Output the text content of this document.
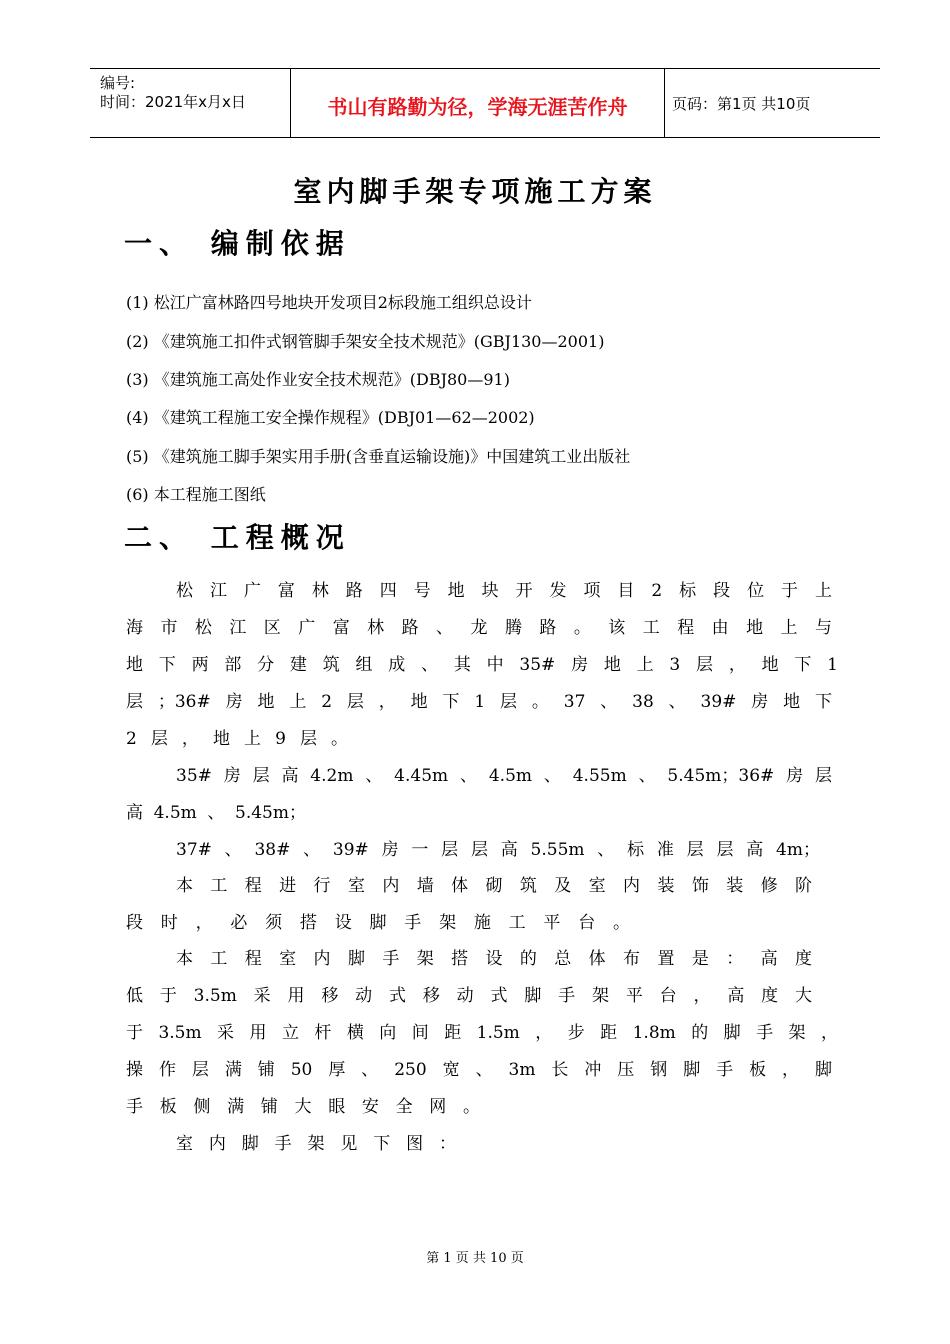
编号:
时间：2021年x月x日	书山有路勤为径，学海无涯苦作舟	页码：第1页 共10页
室内脚手架专项施工方案
一、 编制依据
(1) 松江广富林路四号地块开发项目2标段施工组织总设计
(2) 《建筑施工扣件式钢管脚手架安全技术规范》(GBJ130—2001)
(3) 《建筑施工高处作业安全技术规范》(DBJ80—91)
(4) 《建筑工程施工安全操作规程》(DBJ01—62—2002)
(5) 《建筑施工脚手架实用手册(含垂直运输设施)》中国建筑工业出版社
(6) 本工程施工图纸
二、 工程概况
松江广富林路四号地块开发项目2标段位于上
海市松江区广富林路、龙腾路。该工程由地上与
地下两部分建筑组成、其中35#房地上3层，地下1
层；36#房地上2层，地下1层。37、38、39#房地下
2层，地上9层。
35#房层高4.2m、4.45m、4.5m、4.55m、5.45m；36#房层
高4.5m、5.45m；
37#、38#、39#房一层层高5.55m、标准层层高4m；
本工程进行室内墙体砌筑及室内装饰装修阶
段时，必须搭设脚手架施工平台。
本工程室内脚手架搭设的总体布置是：高度
低于3.5m采用移动式移动式脚手架平台，高度大
于3.5m采用立杆横向间距1.5m，步距1.8m的脚手架，
操作层满铺50厚、250宽、3m长冲压钢脚手板，脚
手板侧满铺大眼安全网。
室内脚手架见下图：
第 1 页 共 10 页
